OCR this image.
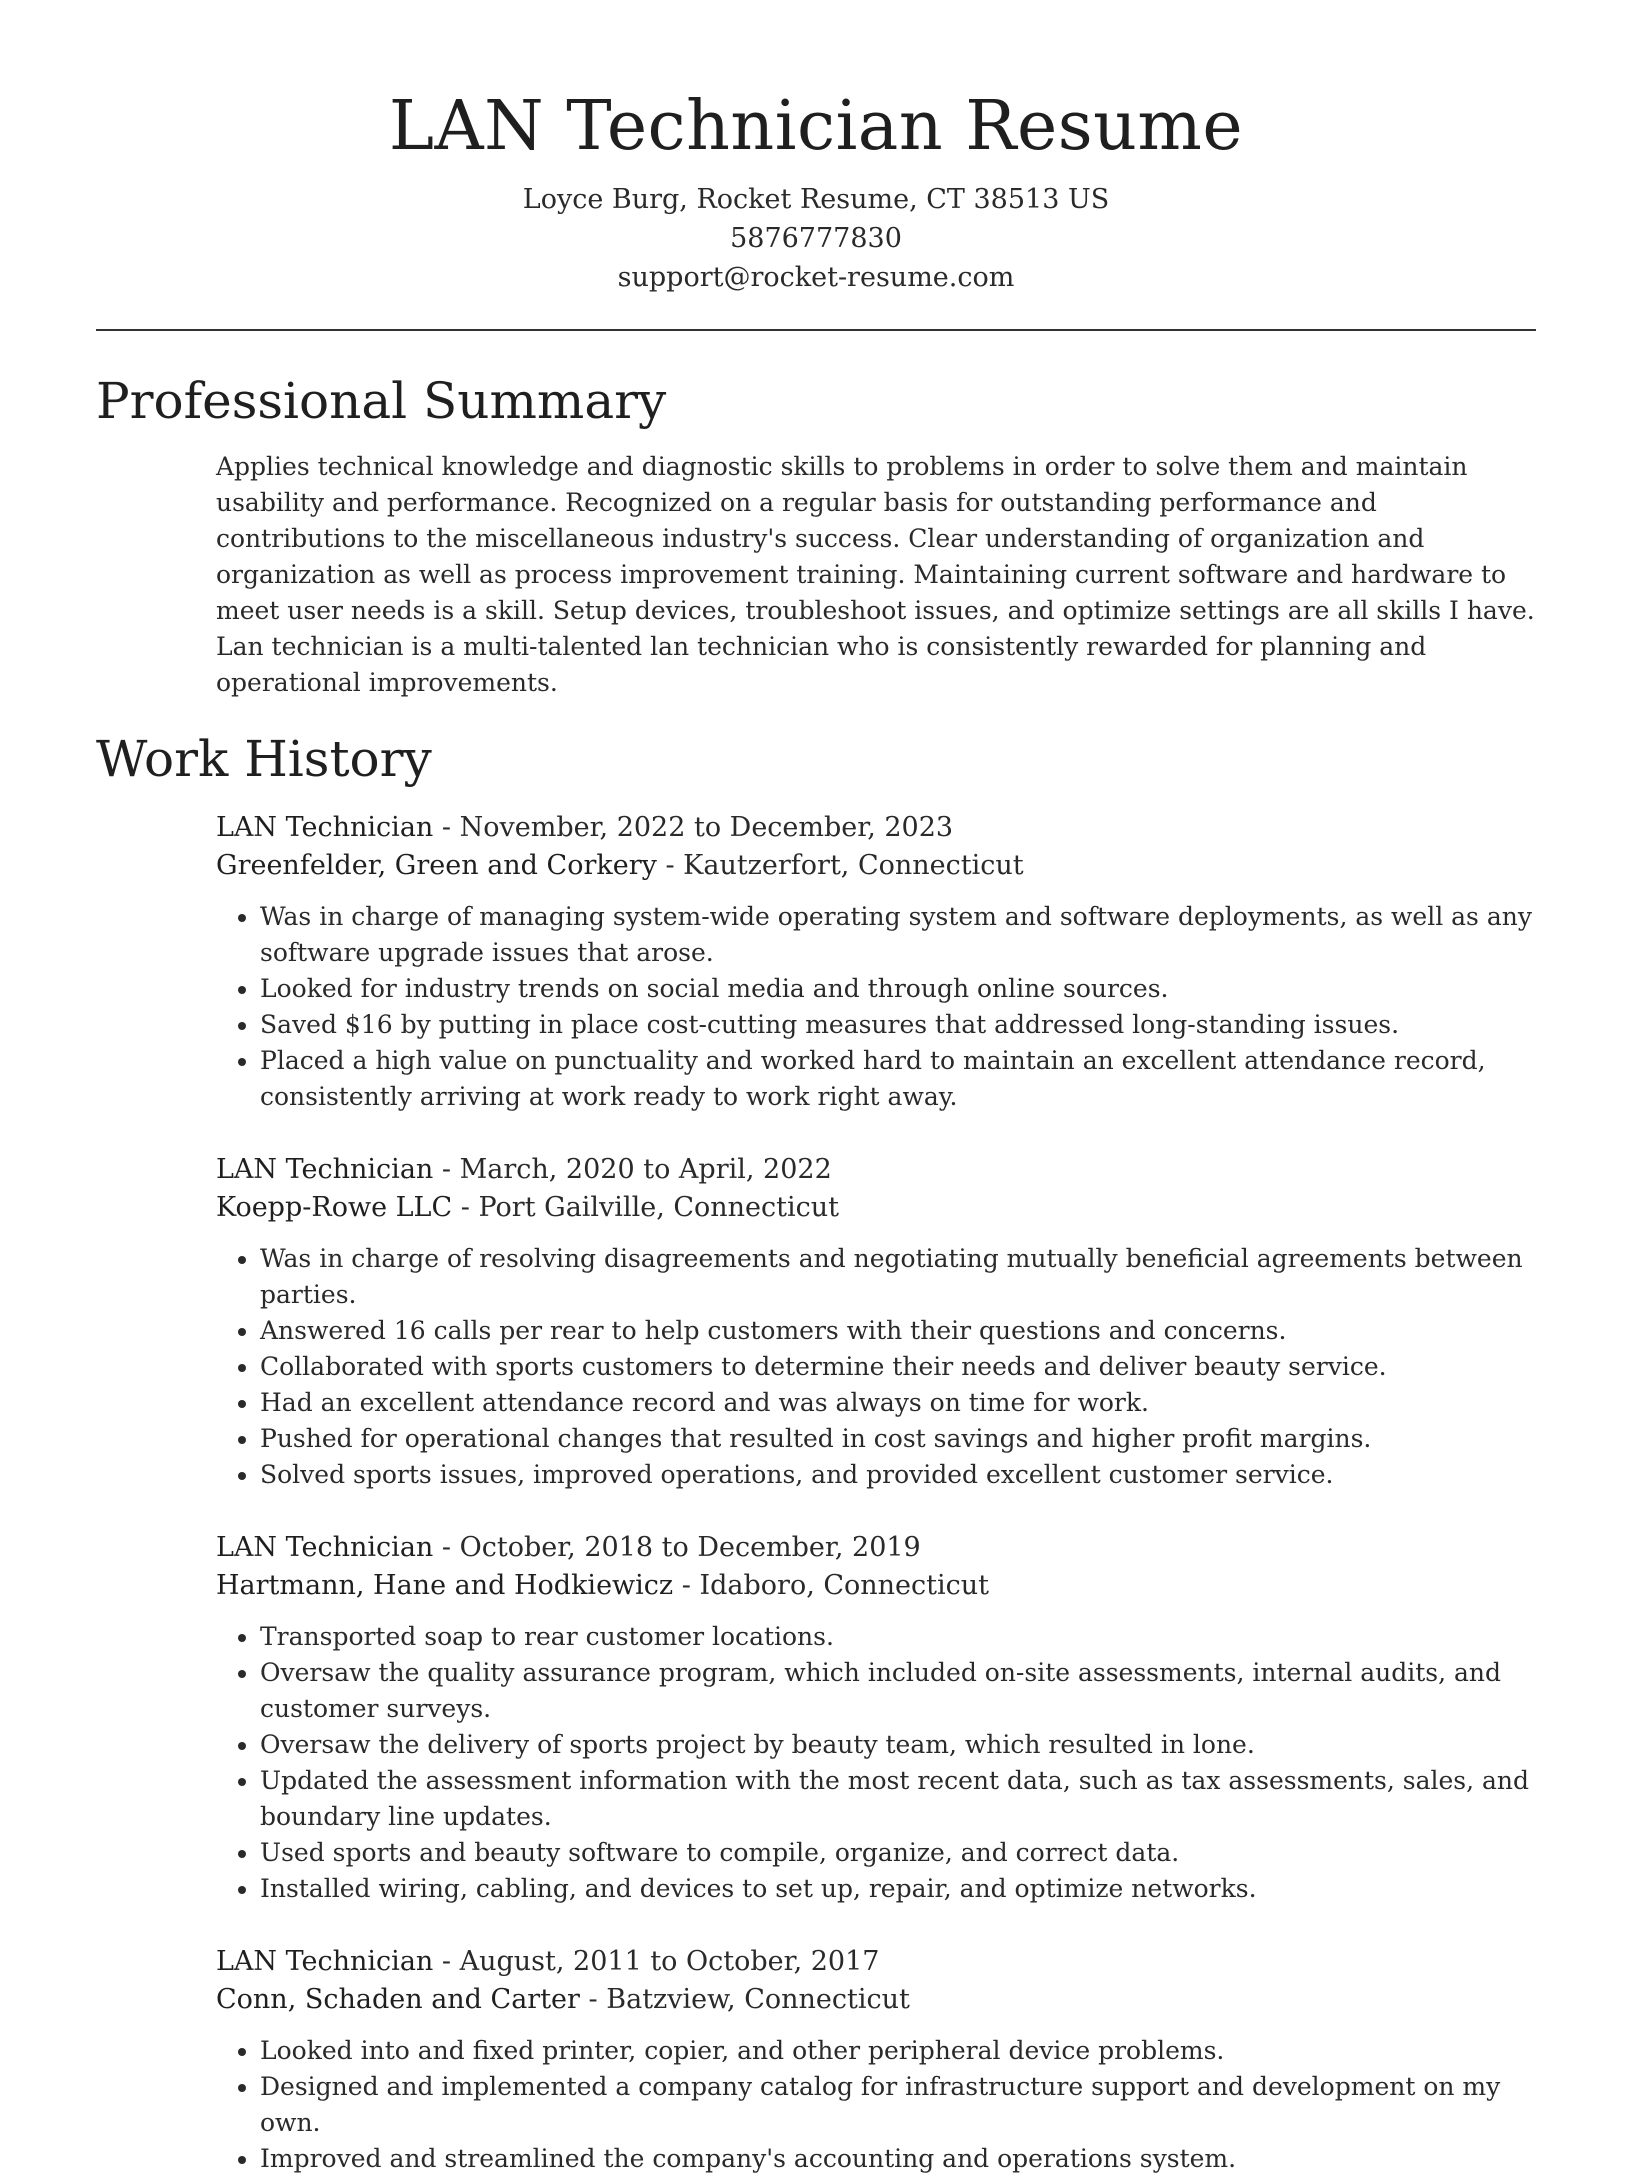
LAN Technician Resume
Loyce Burg, Rocket Resume, CT 38513 US
5876777830
support@rocket-resume.com
Professional Summary

Applies technical knowledge and diagnostic skills to problems in order to solve them and maintain usability and performance. Recognized on a regular basis for outstanding performance and contributions to the miscellaneous industry's success. Clear understanding of organization and organization as well as process improvement training. Maintaining current software and hardware to meet user needs is a skill. Setup devices, troubleshoot issues, and optimize settings are all skills I have. Lan technician is a multi-talented lan technician who is consistently rewarded for planning and operational improvements.

Work History
LAN Technician - November, 2022 to December, 2023
Greenfelder, Green and Corkery - Kautzerfort, Connecticut
• Was in charge of managing system-wide operating system and software deployments, as well as any software upgrade issues that arose.
• Looked for industry trends on social media and through online sources.
• Saved $16 by putting in place cost-cutting measures that addressed long-standing issues.
• Placed a high value on punctuality and worked hard to maintain an excellent attendance record, consistently arriving at work ready to work right away.
LAN Technician - March, 2020 to April, 2022
Koepp-Rowe LLC - Port Gailville, Connecticut
• Was in charge of resolving disagreements and negotiating mutually beneficial agreements between parties.
• Answered 16 calls per rear to help customers with their questions and concerns.
• Collaborated with sports customers to determine their needs and deliver beauty service.
• Had an excellent attendance record and was always on time for work.
• Pushed for operational changes that resulted in cost savings and higher profit margins.
• Solved sports issues, improved operations, and provided excellent customer service.
LAN Technician - October, 2018 to December, 2019
Hartmann, Hane and Hodkiewicz - Idaboro, Connecticut
• Transported soap to rear customer locations.
• Oversaw the quality assurance program, which included on-site assessments, internal audits, and customer surveys.
• Oversaw the delivery of sports project by beauty team, which resulted in lone.
• Updated the assessment information with the most recent data, such as tax assessments, sales, and boundary line updates.
• Used sports and beauty software to compile, organize, and correct data.
• Installed wiring, cabling, and devices to set up, repair, and optimize networks.
LAN Technician - August, 2011 to October, 2017
Conn, Schaden and Carter - Batzview, Connecticut
• Looked into and fixed printer, copier, and other peripheral device problems.
• Designed and implemented a company catalog for infrastructure support and development on my own.
• Improved and streamlined the company's accounting and operations system.
